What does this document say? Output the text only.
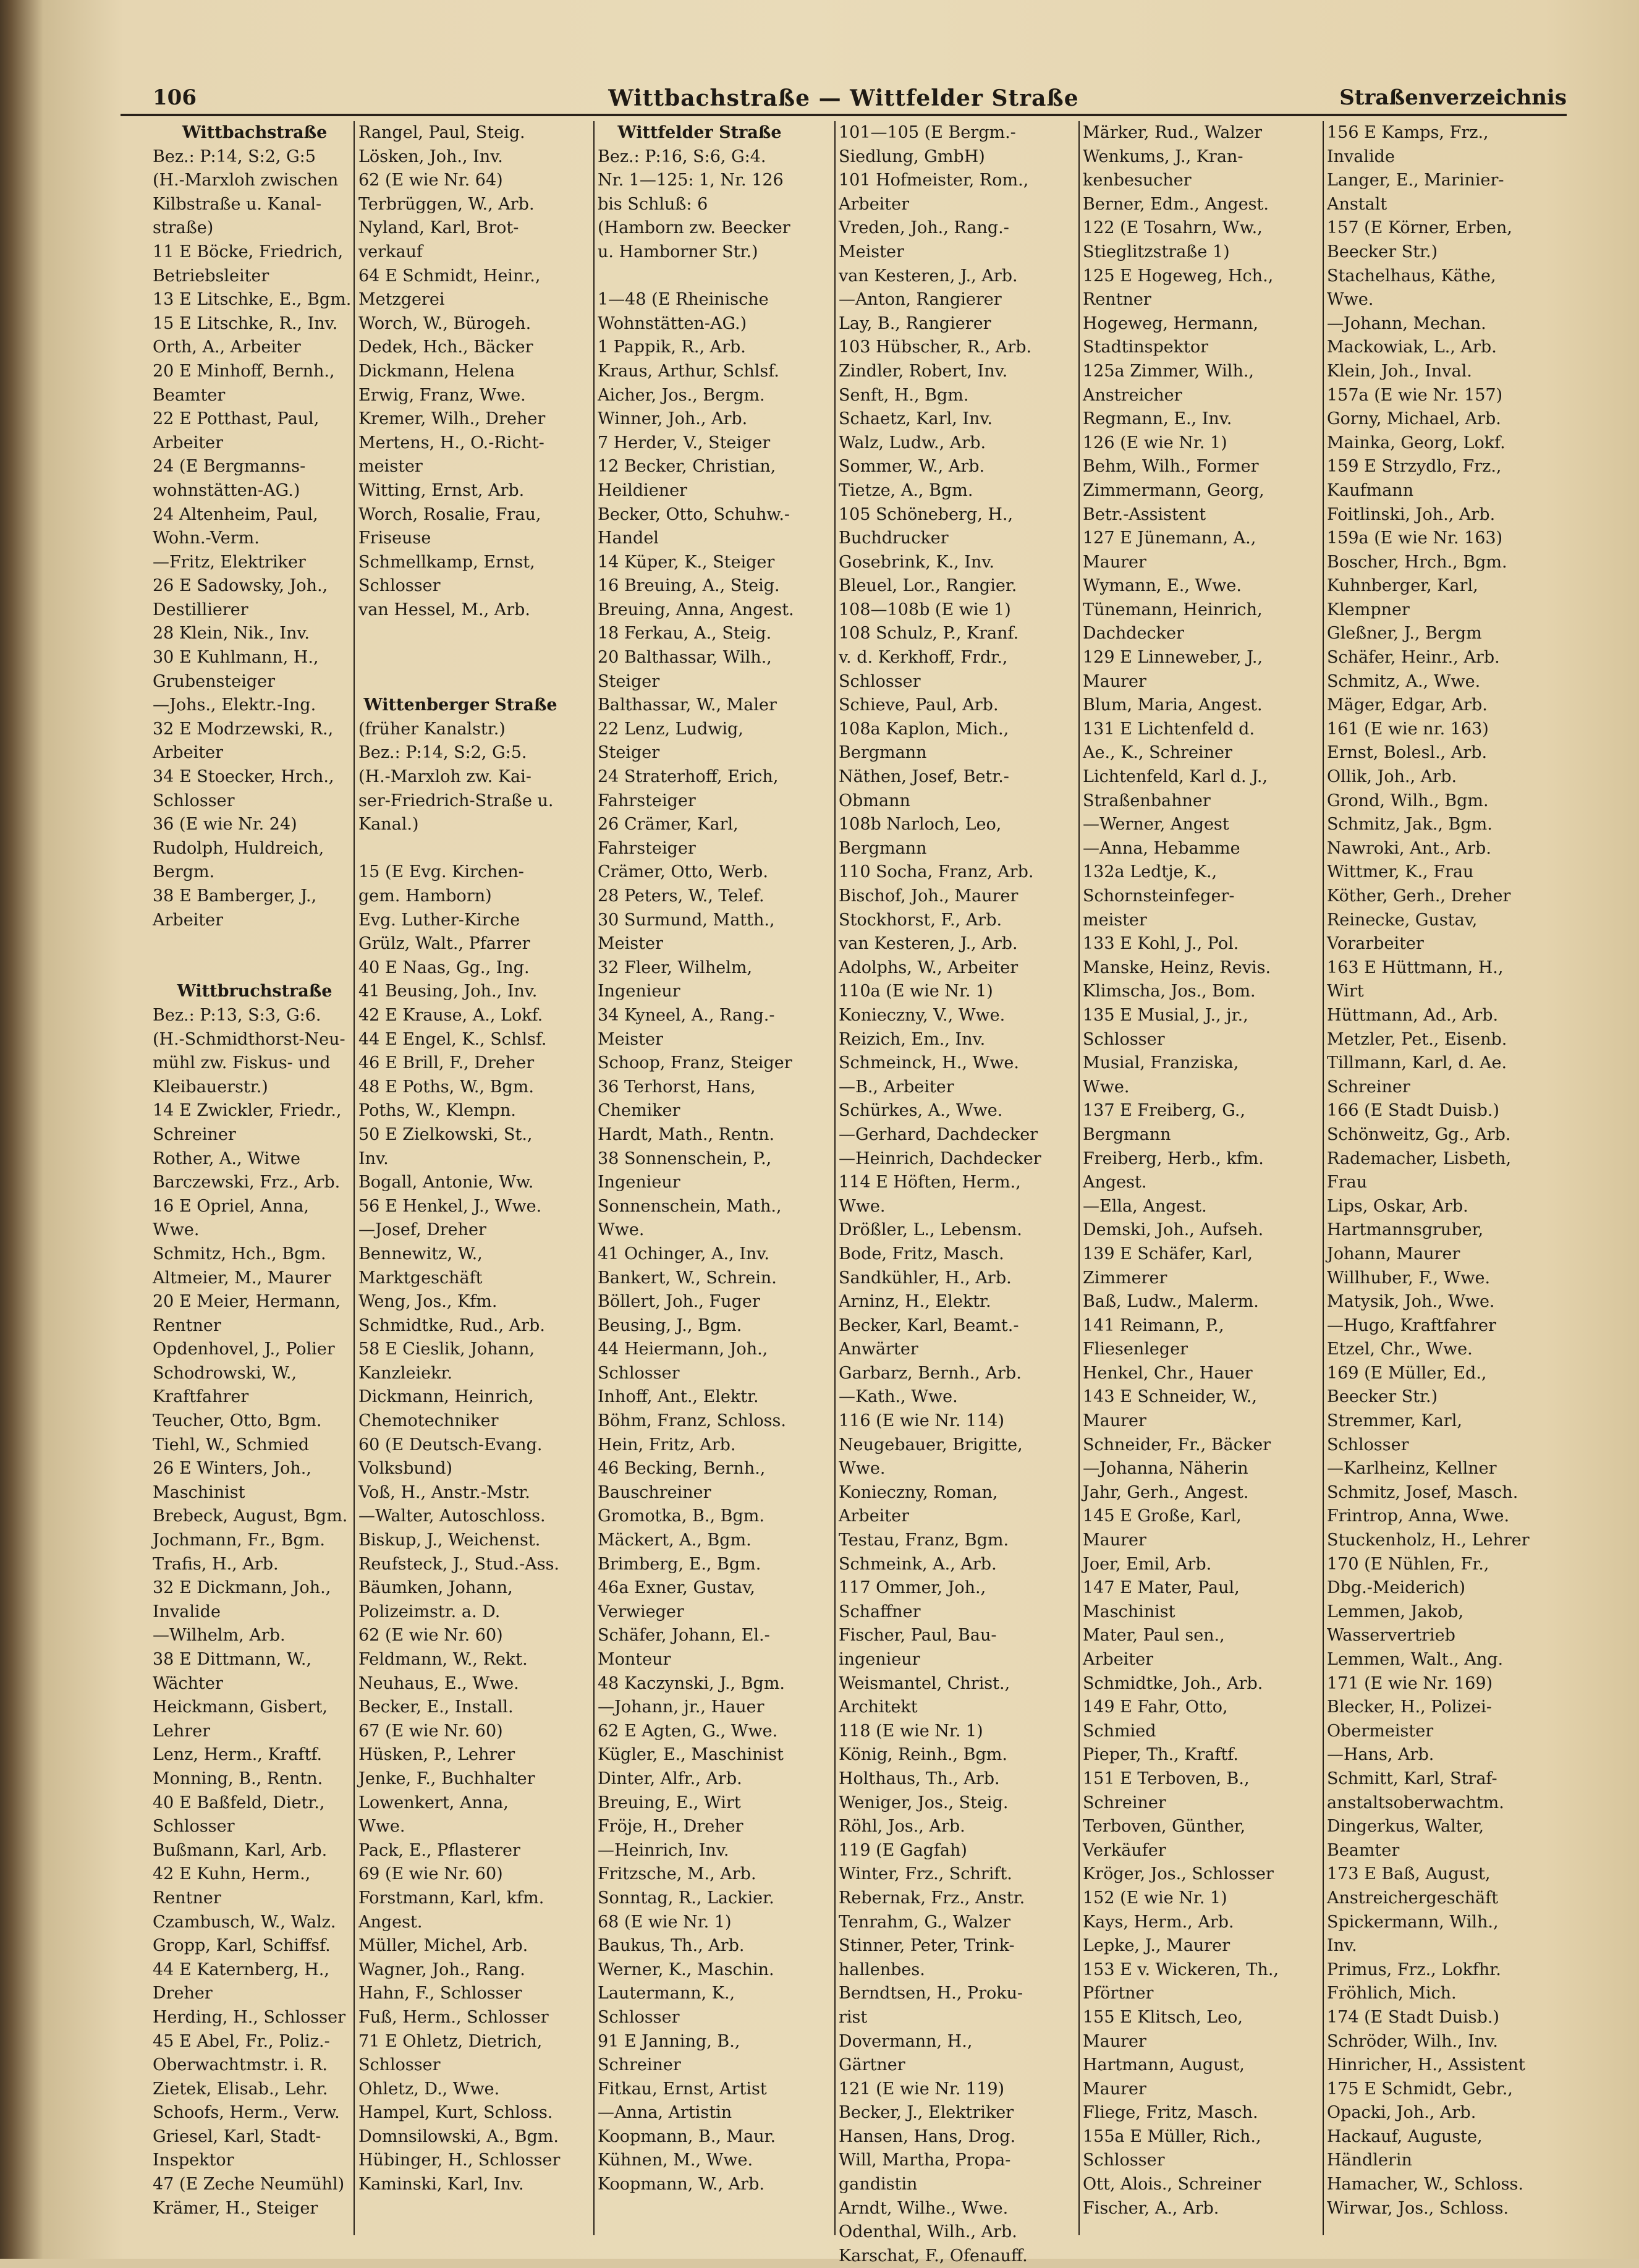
106	Wittbachstraße — Wittfelder Straße	Straßenverzeichnis
Wittbachstraße
Bez.: P:14, S:2, G:5
(H.-Marxloh zwischen
Kilbstraße u. Kanal-
straße)
11 E Böcke, Friedrich,
Betriebsleiter
13 E Litschke, E., Bgm.
15 E Litschke, R., Inv.
Orth, A., Arbeiter
20 E Minhoff, Bernh.,
Beamter
22 E Potthast, Paul,
Arbeiter
24 (E Bergmanns-
wohnstätten-AG.)
24 Altenheim, Paul,
Wohn.-Verm.
—Fritz, Elektriker
26 E Sadowsky, Joh.,
Destillierer
28 Klein, Nik., Inv.
30 E Kuhlmann, H.,
Grubensteiger
—Johs., Elektr.-Ing.
32 E Modrzewski, R.,
Arbeiter
34 E Stoecker, Hrch.,
Schlosser
36 (E wie Nr. 24)
Rudolph, Huldreich,
Bergm.
38 E Bamberger, J.,
Arbeiter
Wittbruchstraße
Bez.: P:13, S:3, G:6.
(H.-Schmidthorst-Neu-
mühl zw. Fiskus- und
Kleibauerstr.)
14 E Zwickler, Friedr.,
Schreiner
Rother, A., Witwe
Barczewski, Frz., Arb.
16 E Opriel, Anna,
Wwe.
Schmitz, Hch., Bgm.
Altmeier, M., Maurer
20 E Meier, Hermann,
Rentner
Opdenhovel, J., Polier
Schodrowski, W.,
Kraftfahrer
Teucher, Otto, Bgm.
Tiehl, W., Schmied
26 E Winters, Joh.,
Maschinist
Brebeck, August, Bgm.
Jochmann, Fr., Bgm.
Trafis, H., Arb.
32 E Dickmann, Joh.,
Invalide
—Wilhelm, Arb.
38 E Dittmann, W.,
Wächter
Heickmann, Gisbert,
Lehrer
Lenz, Herm., Kraftf.
Monning, B., Rentn.
40 E Baßfeld, Dietr.,
Schlosser
Bußmann, Karl, Arb.
42 E Kuhn, Herm.,
Rentner
Czambusch, W., Walz.
Gropp, Karl, Schiffsf.
44 E Katernberg, H.,
Dreher
Herding, H., Schlosser
45 E Abel, Fr., Poliz.-
Oberwachtmstr. i. R.
Zietek, Elisab., Lehr.
Schoofs, Herm., Verw.
Griesel, Karl, Stadt-
Inspektor
47 (E Zeche Neumühl)
Krämer, H., Steiger
Rangel, Paul, Steig.
Lösken, Joh., Inv.
62 (E wie Nr. 64)
Terbrüggen, W., Arb.
Nyland, Karl, Brot-
verkauf
64 E Schmidt, Heinr.,
Metzgerei
Worch, W., Bürogeh.
Dedek, Hch., Bäcker
Dickmann, Helena
Erwig, Franz, Wwe.
Kremer, Wilh., Dreher
Mertens, H., O.-Richt-
meister
Witting, Ernst, Arb.
Worch, Rosalie, Frau,
Friseuse
Schmellkamp, Ernst,
Schlosser
van Hessel, M., Arb.
Wittenberger Straße
(früher Kanalstr.)
Bez.: P:14, S:2, G:5.
(H.-Marxloh zw. Kai-
ser-Friedrich-Straße u.
Kanal.)
15 (E Evg. Kirchen-
gem. Hamborn)
Evg. Luther-Kirche
Grülz, Walt., Pfarrer
40 E Naas, Gg., Ing.
41 Beusing, Joh., Inv.
42 E Krause, A., Lokf.
44 E Engel, K., Schlsf.
46 E Brill, F., Dreher
48 E Poths, W., Bgm.
Poths, W., Klempn.
50 E Zielkowski, St.,
Inv.
Bogall, Antonie, Ww.
56 E Henkel, J., Wwe.
—Josef, Dreher
Bennewitz, W.,
Marktgeschäft
Weng, Jos., Kfm.
Schmidtke, Rud., Arb.
58 E Cieslik, Johann,
Kanzleiekr.
Dickmann, Heinrich,
Chemotechniker
60 (E Deutsch-Evang.
Volksbund)
Voß, H., Anstr.-Mstr.
—Walter, Autoschloss.
Biskup, J., Weichenst.
Reufsteck, J., Stud.-Ass.
Bäumken, Johann,
Polizeimstr. a. D.
62 (E wie Nr. 60)
Feldmann, W., Rekt.
Neuhaus, E., Wwe.
Becker, E., Install.
67 (E wie Nr. 60)
Hüsken, P., Lehrer
Jenke, F., Buchhalter
Lowenkert, Anna,
Wwe.
Pack, E., Pflasterer
69 (E wie Nr. 60)
Forstmann, Karl, kfm.
Angest.
Müller, Michel, Arb.
Wagner, Joh., Rang.
Hahn, F., Schlosser
Fuß, Herm., Schlosser
71 E Ohletz, Dietrich,
Schlosser
Ohletz, D., Wwe.
Hampel, Kurt, Schloss.
Domnsilowski, A., Bgm.
Hübinger, H., Schlosser
Kaminski, Karl, Inv.
Wittfelder Straße
Bez.: P:16, S:6, G:4.
Nr. 1—125: 1, Nr. 126
bis Schluß: 6
(Hamborn zw. Beecker
u. Hamborner Str.)
1—48 (E Rheinische
Wohnstätten-AG.)
1 Pappik, R., Arb.
Kraus, Arthur, Schlsf.
Aicher, Jos., Bergm.
Winner, Joh., Arb.
7 Herder, V., Steiger
12 Becker, Christian,
Heildiener
Becker, Otto, Schuhw.-
Handel
14 Küper, K., Steiger
16 Breuing, A., Steig.
Breuing, Anna, Angest.
18 Ferkau, A., Steig.
20 Balthassar, Wilh.,
Steiger
Balthassar, W., Maler
22 Lenz, Ludwig,
Steiger
24 Straterhoff, Erich,
Fahrsteiger
26 Crämer, Karl,
Fahrsteiger
Crämer, Otto, Werb.
28 Peters, W., Telef.
30 Surmund, Matth.,
Meister
32 Fleer, Wilhelm,
Ingenieur
34 Kyneel, A., Rang.-
Meister
Schoop, Franz, Steiger
36 Terhorst, Hans,
Chemiker
Hardt, Math., Rentn.
38 Sonnenschein, P.,
Ingenieur
Sonnenschein, Math.,
Wwe.
41 Ochinger, A., Inv.
Bankert, W., Schrein.
Böllert, Joh., Fuger
Beusing, J., Bgm.
44 Heiermann, Joh.,
Schlosser
Inhoff, Ant., Elektr.
Böhm, Franz, Schloss.
Hein, Fritz, Arb.
46 Becking, Bernh.,
Bauschreiner
Gromotka, B., Bgm.
Mäckert, A., Bgm.
Brimberg, E., Bgm.
46a Exner, Gustav,
Verwieger
Schäfer, Johann, El.-
Monteur
48 Kaczynski, J., Bgm.
—Johann, jr., Hauer
62 E Agten, G., Wwe.
Kügler, E., Maschinist
Dinter, Alfr., Arb.
Breuing, E., Wirt
Fröje, H., Dreher
—Heinrich, Inv.
Fritzsche, M., Arb.
Sonntag, R., Lackier.
68 (E wie Nr. 1)
Baukus, Th., Arb.
Werner, K., Maschin.
Lautermann, K.,
Schlosser
91 E Janning, B.,
Schreiner
Fitkau, Ernst, Artist
—Anna, Artistin
Koopmann, B., Maur.
Kühnen, M., Wwe.
Koopmann, W., Arb.
101—105 (E Bergm.-
Siedlung, GmbH)
101 Hofmeister, Rom.,
Arbeiter
Vreden, Joh., Rang.-
Meister
van Kesteren, J., Arb.
—Anton, Rangierer
Lay, B., Rangierer
103 Hübscher, R., Arb.
Zindler, Robert, Inv.
Senft, H., Bgm.
Schaetz, Karl, Inv.
Walz, Ludw., Arb.
Sommer, W., Arb.
Tietze, A., Bgm.
105 Schöneberg, H.,
Buchdrucker
Gosebrink, K., Inv.
Bleuel, Lor., Rangier.
108—108b (E wie 1)
108 Schulz, P., Kranf.
v. d. Kerkhoff, Frdr.,
Schlosser
Schieve, Paul, Arb.
108a Kaplon, Mich.,
Bergmann
Näthen, Josef, Betr.-
Obmann
108b Narloch, Leo,
Bergmann
110 Socha, Franz, Arb.
Bischof, Joh., Maurer
Stockhorst, F., Arb.
van Kesteren, J., Arb.
Adolphs, W., Arbeiter
110a (E wie Nr. 1)
Konieczny, V., Wwe.
Reizich, Em., Inv.
Schmeinck, H., Wwe.
—B., Arbeiter
Schürkes, A., Wwe.
—Gerhard, Dachdecker
—Heinrich, Dachdecker
114 E Höften, Herm.,
Wwe.
Drößler, L., Lebensm.
Bode, Fritz, Masch.
Sandkühler, H., Arb.
Arninz, H., Elektr.
Becker, Karl, Beamt.-
Anwärter
Garbarz, Bernh., Arb.
—Kath., Wwe.
116 (E wie Nr. 114)
Neugebauer, Brigitte,
Wwe.
Konieczny, Roman,
Arbeiter
Testau, Franz, Bgm.
Schmeink, A., Arb.
117 Ommer, Joh.,
Schaffner
Fischer, Paul, Bau-
ingenieur
Weismantel, Christ.,
Architekt
118 (E wie Nr. 1)
König, Reinh., Bgm.
Holthaus, Th., Arb.
Weniger, Jos., Steig.
Röhl, Jos., Arb.
119 (E Gagfah)
Winter, Frz., Schrift.
Rebernak, Frz., Anstr.
Tenrahm, G., Walzer
Stinner, Peter, Trink-
hallenbes.
Berndtsen, H., Proku-
rist
Dovermann, H.,
Gärtner
121 (E wie Nr. 119)
Becker, J., Elektriker
Hansen, Hans, Drog.
Will, Martha, Propa-
gandistin
Arndt, Wilhe., Wwe.
Odenthal, Wilh., Arb.
Karschat, F., Ofenauff.
Märker, Rud., Walzer
Wenkums, J., Kran-
kenbesucher
Berner, Edm., Angest.
122 (E Tosahrn, Ww.,
Stieglitzstraße 1)
125 E Hogeweg, Hch.,
Rentner
Hogeweg, Hermann,
Stadtinspektor
125a Zimmer, Wilh.,
Anstreicher
Regmann, E., Inv.
126 (E wie Nr. 1)
Behm, Wilh., Former
Zimmermann, Georg,
Betr.-Assistent
127 E Jünemann, A.,
Maurer
Wymann, E., Wwe.
Tünemann, Heinrich,
Dachdecker
129 E Linneweber, J.,
Maurer
Blum, Maria, Angest.
131 E Lichtenfeld d.
Ae., K., Schreiner
Lichtenfeld, Karl d. J.,
Straßenbahner
—Werner, Angest
—Anna, Hebamme
132a Ledtje, K.,
Schornsteinfeger-
meister
133 E Kohl, J., Pol.
Manske, Heinz, Revis.
Klimscha, Jos., Bom.
135 E Musial, J., jr.,
Schlosser
Musial, Franziska,
Wwe.
137 E Freiberg, G.,
Bergmann
Freiberg, Herb., kfm.
Angest.
—Ella, Angest.
Demski, Joh., Aufseh.
139 E Schäfer, Karl,
Zimmerer
Baß, Ludw., Malerm.
141 Reimann, P.,
Fliesenleger
Henkel, Chr., Hauer
143 E Schneider, W.,
Maurer
Schneider, Fr., Bäcker
—Johanna, Näherin
Jahr, Gerh., Angest.
145 E Große, Karl,
Maurer
Joer, Emil, Arb.
147 E Mater, Paul,
Maschinist
Mater, Paul sen.,
Arbeiter
Schmidtke, Joh., Arb.
149 E Fahr, Otto,
Schmied
Pieper, Th., Kraftf.
151 E Terboven, B.,
Schreiner
Terboven, Günther,
Verkäufer
Kröger, Jos., Schlosser
152 (E wie Nr. 1)
Kays, Herm., Arb.
Lepke, J., Maurer
153 E v. Wickeren, Th.,
Pförtner
155 E Klitsch, Leo,
Maurer
Hartmann, August,
Maurer
Fliege, Fritz, Masch.
155a E Müller, Rich.,
Schlosser
Ott, Alois., Schreiner
Fischer, A., Arb.
156 E Kamps, Frz.,
Invalide
Langer, E., Marinier-
Anstalt
157 (E Körner, Erben,
Beecker Str.)
Stachelhaus, Käthe,
Wwe.
—Johann, Mechan.
Mackowiak, L., Arb.
Klein, Joh., Inval.
157a (E wie Nr. 157)
Gorny, Michael, Arb.
Mainka, Georg, Lokf.
159 E Strzydlo, Frz.,
Kaufmann
Foitlinski, Joh., Arb.
159a (E wie Nr. 163)
Boscher, Hrch., Bgm.
Kuhnberger, Karl,
Klempner
Gleßner, J., Bergm
Schäfer, Heinr., Arb.
Schmitz, A., Wwe.
Mäger, Edgar, Arb.
161 (E wie nr. 163)
Ernst, Bolesl., Arb.
Ollik, Joh., Arb.
Grond, Wilh., Bgm.
Schmitz, Jak., Bgm.
Nawroki, Ant., Arb.
Wittmer, K., Frau
Köther, Gerh., Dreher
Reinecke, Gustav,
Vorarbeiter
163 E Hüttmann, H.,
Wirt
Hüttmann, Ad., Arb.
Metzler, Pet., Eisenb.
Tillmann, Karl, d. Ae.
Schreiner
166 (E Stadt Duisb.)
Schönweitz, Gg., Arb.
Rademacher, Lisbeth,
Frau
Lips, Oskar, Arb.
Hartmannsgruber,
Johann, Maurer
Willhuber, F., Wwe.
Matysik, Joh., Wwe.
—Hugo, Kraftfahrer
Etzel, Chr., Wwe.
169 (E Müller, Ed.,
Beecker Str.)
Stremmer, Karl,
Schlosser
—Karlheinz, Kellner
Schmitz, Josef, Masch.
Frintrop, Anna, Wwe.
Stuckenholz, H., Lehrer
170 (E Nühlen, Fr.,
Dbg.-Meiderich)
Lemmen, Jakob,
Wasservertrieb
Lemmen, Walt., Ang.
171 (E wie Nr. 169)
Blecker, H., Polizei-
Obermeister
—Hans, Arb.
Schmitt, Karl, Straf-
anstaltsoberwachtm.
Dingerkus, Walter,
Beamter
173 E Baß, August,
Anstreichergeschäft
Spickermann, Wilh.,
Inv.
Primus, Frz., Lokfhr.
Fröhlich, Mich.
174 (E Stadt Duisb.)
Schröder, Wilh., Inv.
Hinricher, H., Assistent
175 E Schmidt, Gebr.,
Opacki, Joh., Arb.
Hackauf, Auguste,
Händlerin
Hamacher, W., Schloss.
Wirwar, Jos., Schloss.
